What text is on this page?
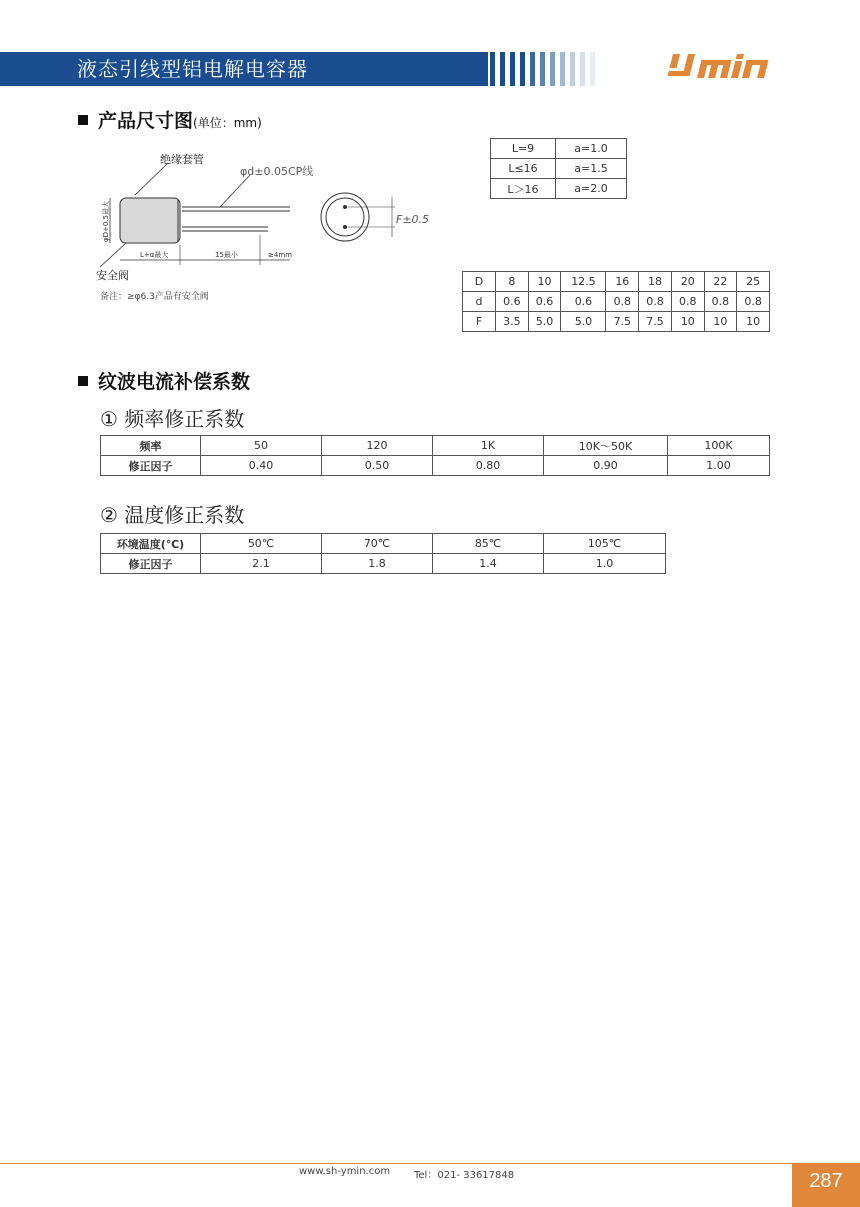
液态引线型铝电解电容器
产品尺寸图(单位：mm)
绝缘套管
φd±0.05CP线
φD+0.5最大
L+α最大	15最小	≥4mm
F±0.5
安全阀
备注：≥φ6.3产品有安全阀
L=9	a=1.0
L≤16	a=1.5
L＞16	a=2.0
D	8	10	12.5	16	18	20	22	25
d	0.6	0.6	0.6	0.8	0.8	0.8	0.8	0.8
F	3.5	5.0	5.0	7.5	7.5	10	10	10
纹波电流补偿系数
① 频率修正系数
频率	50	120	1K	10K～50K	100K
修正因子	0.40	0.50	0.80	0.90	1.00
② 温度修正系数
环境温度(℃)	50℃	70℃	85℃	105℃
修正因子	2.1	1.8	1.4	1.0
www.sh-ymin.com Tel：021- 33617848	287
